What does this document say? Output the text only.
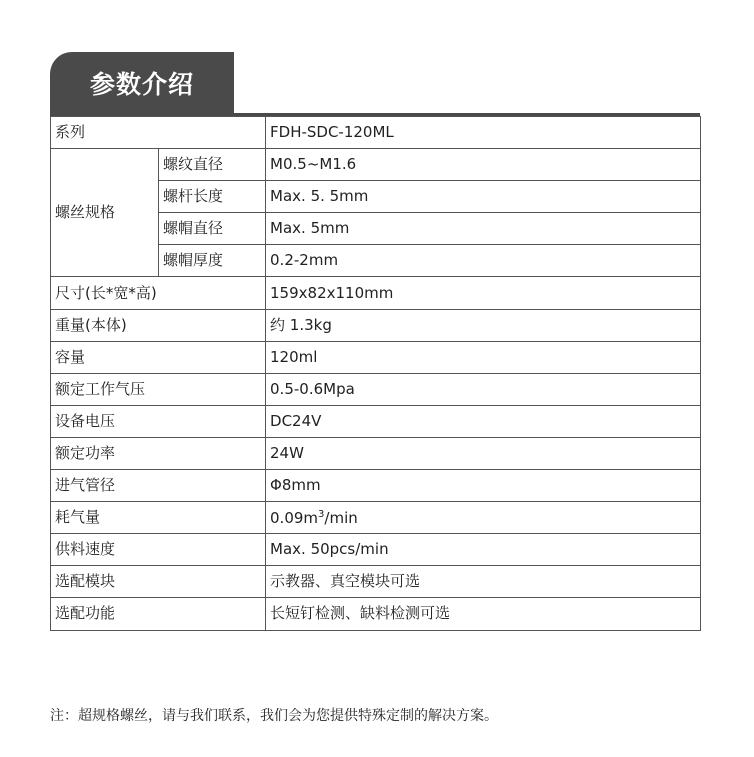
参数介绍
系列		FDH-SDC-120ML
螺丝规格	螺纹直径	M0.5~M1.6
	螺杆长度	Max. 5. 5mm
	螺帽直径	Max. 5mm
	螺帽厚度	0.2-2mm
尺寸(长*宽*高)		159x82x110mm
重量(本体)		约 1.3kg
容量		120ml
额定工作气压		0.5-0.6Mpa
设备电压		DC24V
额定功率		24W
进气管径		Φ8mm
耗气量		$0.09m^3/\min$
供料速度		Max. 50pcs/min
选配模块		示教器、真空模块可选
选配功能		长短钉检测、缺料检测可选
注：超规格螺丝，请与我们联系，我们会为您提供特殊定制的解决方案。
